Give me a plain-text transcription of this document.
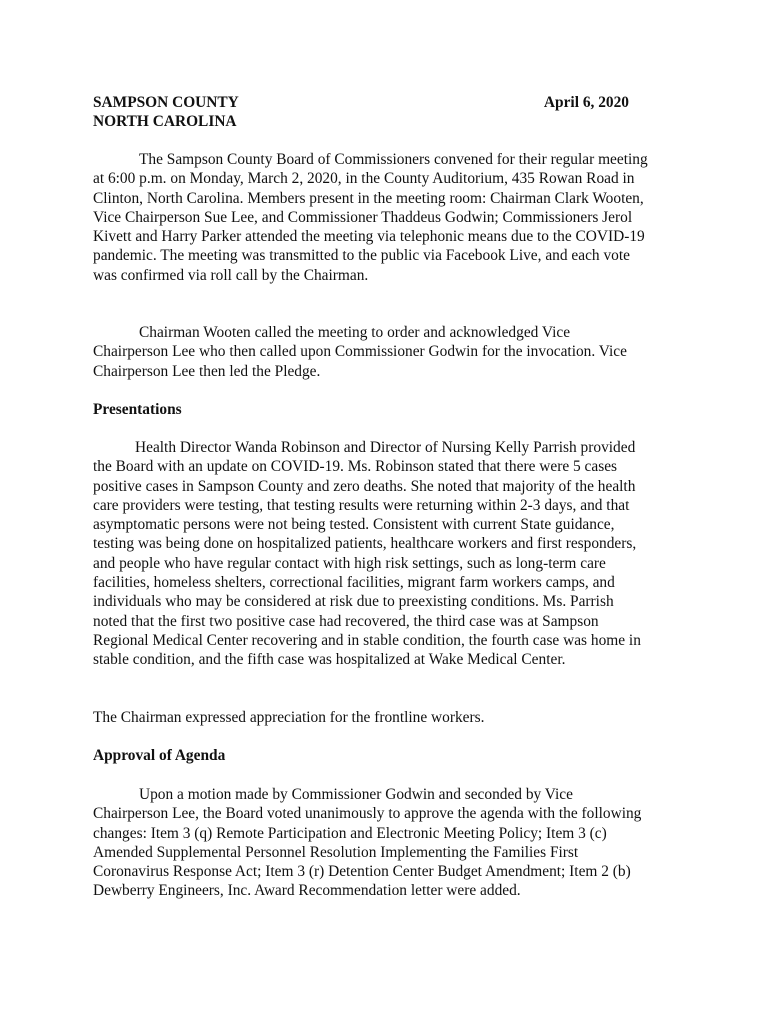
SAMPSON COUNTY
NORTH CAROLINA
April 6, 2020

The Sampson County Board of Commissioners convened for their regular meeting at 6:00 p.m. on Monday, March 2, 2020, in the County Auditorium, 435 Rowan Road in Clinton, North Carolina. Members present in the meeting room: Chairman Clark Wooten, Vice Chairperson Sue Lee, and Commissioner Thaddeus Godwin; Commissioners Jerol Kivett and Harry Parker attended the meeting via telephonic means due to the COVID-19 pandemic. The meeting was transmitted to the public via Facebook Live, and each vote was confirmed via roll call by the Chairman.

Chairman Wooten called the meeting to order and acknowledged Vice Chairperson Lee who then called upon Commissioner Godwin for the invocation. Vice Chairperson Lee then led the Pledge.

Presentations

Health Director Wanda Robinson and Director of Nursing Kelly Parrish provided the Board with an update on COVID-19. Ms. Robinson stated that there were 5 cases positive cases in Sampson County and zero deaths. She noted that majority of the health care providers were testing, that testing results were returning within 2-3 days, and that asymptomatic persons were not being tested. Consistent with current State guidance, testing was being done on hospitalized patients, healthcare workers and first responders, and people who have regular contact with high risk settings, such as long-term care facilities, homeless shelters, correctional facilities, migrant farm workers camps, and individuals who may be considered at risk due to preexisting conditions. Ms. Parrish noted that the first two positive case had recovered, the third case was at Sampson Regional Medical Center recovering and in stable condition, the fourth case was home in stable condition, and the fifth case was hospitalized at Wake Medical Center.

The Chairman expressed appreciation for the frontline workers.

Approval of Agenda

Upon a motion made by Commissioner Godwin and seconded by Vice Chairperson Lee, the Board voted unanimously to approve the agenda with the following changes: Item 3 (q) Remote Participation and Electronic Meeting Policy; Item 3 (c) Amended Supplemental Personnel Resolution Implementing the Families First Coronavirus Response Act; Item 3 (r) Detention Center Budget Amendment; Item 2 (b) Dewberry Engineers, Inc. Award Recommendation letter were added.
